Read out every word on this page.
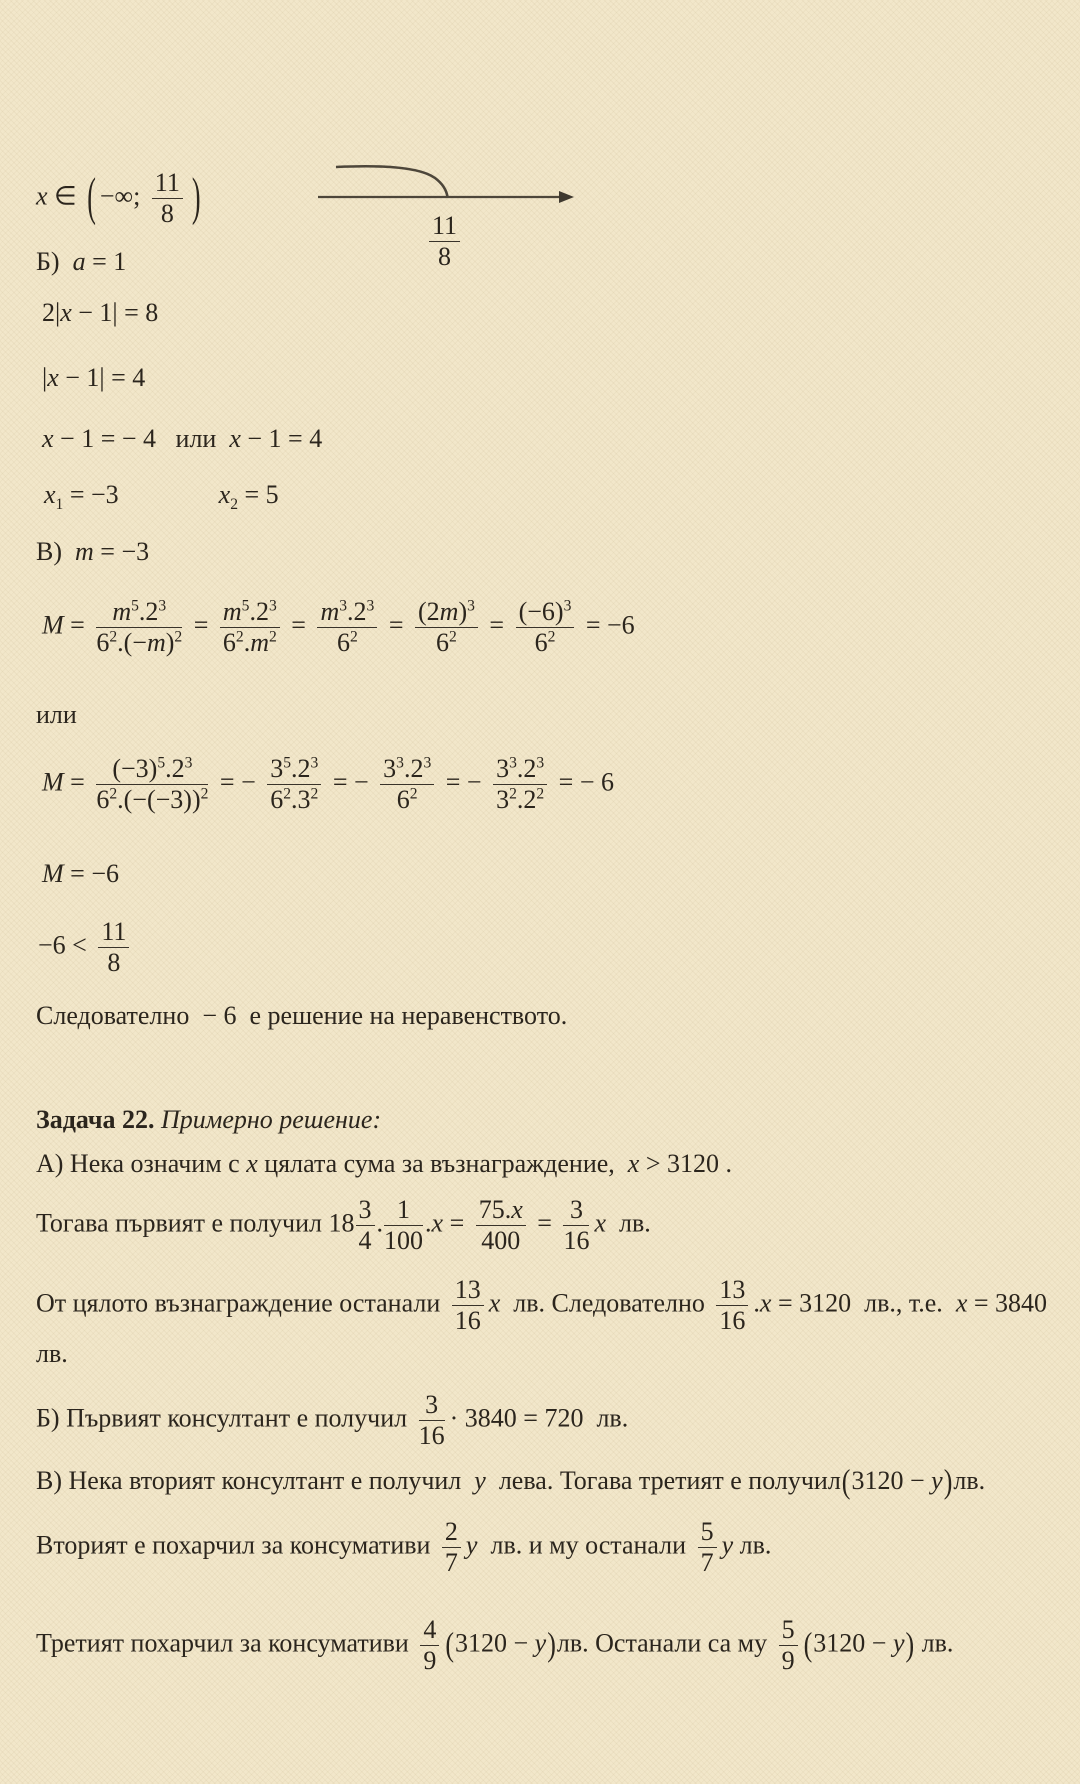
x ∈ ( −∞; $\frac{11}{8}$ )
$\frac{11}{8}$
Б)  a = 1
2|x − 1| = 8
|x − 1| = 4
x − 1 = − 4   или  x − 1 = 4
$x_1 = -3$	$x_2 = 5$
В)  m = −3
$M = \frac{m^5.2^3}{6^2.(-m)^2} = \frac{m^5.2^3}{6^2.m^2} = \frac{m^3.2^3}{6^2} = \frac{(2m)^3}{6^2} = \frac{(-6)^3}{6^2} = -6$
или
$M = \frac{(-3)^5.2^3}{6^2.(-(-3))^2}$ = − $\frac{3^5.2^3}{6^2.3^2}$ = − $\frac{3^3.2^3}{6^2}$ = − $\frac{3^3.2^3}{3^2.2^2}$ = − 6
M = −6
$-6 < \frac{11}{8}$
Следователно  − 6  е решение на неравенството.
Задача 22. Примерно решение:
А) Нека означим с x цялата сума за възнаграждение,  x > 3120 .
Тогава първият е получил $18 \frac{3}{4}$ . $\frac{1}{100} .x = \frac{75.x}{400} = \frac{3}{16}$ x  лв.
От цялото възнаграждение останали $\frac{13}{16}$ x  лв. Следователно $\frac{13}{16} .x = 3120$  лв., т.е.  x = 3840
лв.
Б) Първият консултант е получил $\frac{3}{16} \cdot 3840 = 720$  лв.
В) Нека вторият консултант е получил  y  лева. Тогава третият е получил(3120 − y)лв.
Вторият е похарчил за консумативи $\frac{2}{7}$ y  лв. и му останали $\frac{5}{7}$ y лв.
Третият похарчил за консумативи $\frac{4}{9} (3120 - y)лв$. Останали са му $\frac{5}{9} (3120 - y)$ лв.
